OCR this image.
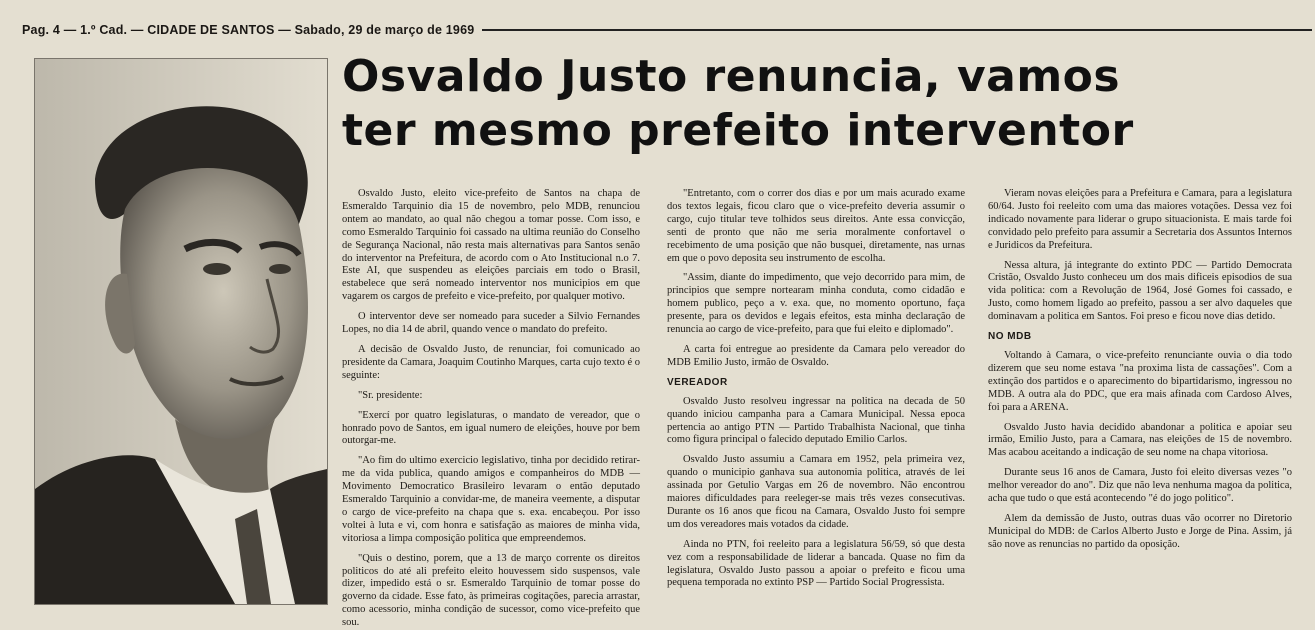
Pag. 4 — 1.º Cad. — CIDADE DE SANTOS — Sabado, 29 de março de 1969

Osvaldo Justo renuncia, vamos
ter mesmo prefeito interventor

Osvaldo Justo, eleito vice-prefeito de Santos na chapa de Esmeraldo Tarquinio dia 15 de novembro, pelo MDB, renunciou ontem ao mandato, ao qual não chegou a tomar posse. Com isso, e como Esmeraldo Tarquinio foi cassado na ultima reunião do Conselho de Segurança Nacional, não resta mais alternativas para Santos senão do interventor na Prefeitura, de acordo com o Ato Institucional n.o 7. Este AI, que suspendeu as eleições parciais em todo o Brasil, estabelece que será nomeado interventor nos municipios em que vagarem os cargos de prefeito e vice-prefeito, por qualquer motivo.

O interventor deve ser nomeado para suceder a Silvio Fernandes Lopes, no dia 14 de abril, quando vence o mandato do prefeito.

A decisão de Osvaldo Justo, de renunciar, foi comunicado ao presidente da Camara, Joaquim Coutinho Marques, carta cujo texto é o seguinte:

"Sr. presidente:

"Exercí por quatro legislaturas, o mandato de vereador, que o honrado povo de Santos, em igual numero de eleições, houve por bem outorgar-me.

"Ao fim do ultimo exercicio legislativo, tinha por decidido retirar-me da vida publica, quando amigos e companheiros do MDB — Movimento Democratico Brasileiro levaram o então deputado Esmeraldo Tarquinio a convidar-me, de maneira veemente, a disputar o cargo de vice-prefeito na chapa que s. exa. encabeçou. Por isso voltei à luta e vi, com honra e satisfação as maiores de minha vida, vitoriosa a limpa composição politica que empreendemos.

"Quis o destino, porem, que a 13 de março corrente os direitos politicos do até ali prefeito eleito houvessem sido suspensos, vale dizer, impedido está o sr. Esmeraldo Tarquinio de tomar posse do governo da cidade. Esse fato, às primeiras cogitações, parecia arrastar, como acessorio, minha condição de sucessor, como vice-prefeito que sou.

"Entretanto, com o correr dos dias e por um mais acurado exame dos textos legais, ficou claro que o vice-prefeito deveria assumir o cargo, cujo titular teve tolhidos seus direitos. Ante essa convicção, senti de pronto que não me seria moralmente confortavel o recebimento de uma posição que não busquei, diretamente, nas urnas em que o povo deposita seu instrumento de escolha.

"Assim, diante do impedimento, que vejo decorrido para mim, de principios que sempre nortearam minha conduta, como cidadão e homem publico, peço a v. exa. que, no momento oportuno, faça presente, para os devidos e legais efeitos, esta minha declaração de renuncia ao cargo de vice-prefeito, para que fui eleito e diplomado".

A carta foi entregue ao presidente da Camara pelo vereador do MDB Emilio Justo, irmão de Osvaldo.

VEREADOR

Osvaldo Justo resolveu ingressar na politica na decada de 50 quando iniciou campanha para a Camara Municipal. Nessa epoca pertencia ao antigo PTN — Partido Trabalhista Nacional, que tinha como figura principal o falecido deputado Emilio Carlos.

Osvaldo Justo assumiu a Camara em 1952, pela primeira vez, quando o municipio ganhava sua autonomia politica, através de lei assinada por Getulio Vargas em 26 de novembro. Não encontrou maiores dificuldades para reeleger-se mais três vezes consecutivas. Durante os 16 anos que ficou na Camara, Osvaldo Justo foi sempre um dos vereadores mais votados da cidade.

Ainda no PTN, foi reeleito para a legislatura 56/59, só que desta vez com a responsabilidade de liderar a bancada. Quase no fim da legislatura, Osvaldo Justo passou a apoiar o prefeito e ficou uma pequena temporada no extinto PSP — Partido Social Progressista.

Vieram novas eleições para a Prefeitura e Camara, para a legislatura 60/64. Justo foi reeleito com uma das maiores votações. Dessa vez foi indicado novamente para liderar o grupo situacionista. E mais tarde foi convidado pelo prefeito para assumir a Secretaria dos Assuntos Internos e Juridicos da Prefeitura.

Nessa altura, já integrante do extinto PDC — Partido Democrata Cristão, Osvaldo Justo conheceu um dos mais dificeis episodios de sua vida politica: com a Revolução de 1964, José Gomes foi cassado, e Justo, como homem ligado ao prefeito, passou a ser alvo daqueles que dominavam a politica em Santos. Foi preso e ficou nove dias detido.

NO MDB

Voltando à Camara, o vice-prefeito renunciante ouvia o dia todo dizerem que seu nome estava "na proxima lista de cassações". Com a extinção dos partidos e o aparecimento do bipartidarismo, ingressou no MDB. A outra ala do PDC, que era mais afinada com Cardoso Alves, foi para a ARENA.

Osvaldo Justo havia decidido abandonar a politica e apoiar seu irmão, Emilio Justo, para a Camara, nas eleições de 15 de novembro. Mas acabou aceitando a indicação de seu nome na chapa vitoriosa.

Durante seus 16 anos de Camara, Justo foi eleito diversas vezes "o melhor vereador do ano". Diz que não leva nenhuma magoa da politica, acha que tudo o que está acontecendo "é do jogo politico".

Alem da demissão de Justo, outras duas vão ocorrer no Diretorio Municipal do MDB: de Carlos Alberto Justo e Jorge de Pina. Assim, já são nove as renuncias no partido da oposição.
